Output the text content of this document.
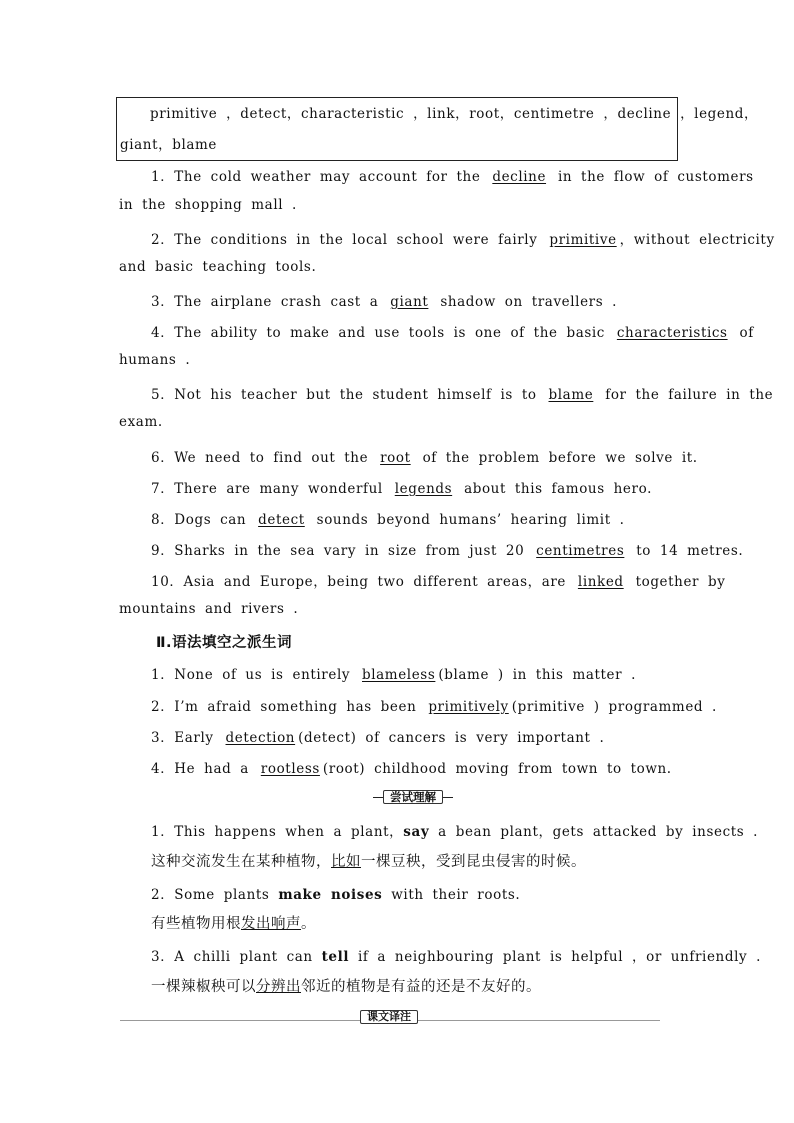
primitive ，detect，characteristic ，link，root，centimetre ，decline ，legend，
giant，blame
1．The cold weather may account for the decline in the flow of customers
in the shopping mall .
2．The conditions in the local school were fairly primitive ，without electricity
and basic teaching tools.
3．The airplane crash cast a giant shadow on travellers .
4．The ability to make and use tools is one of the basic characteristics of
humans .
5．Not his teacher but the student himself is to blame for the failure in the
exam.
6．We need to find out the root of the problem before we solve it.
7．There are many wonderful legends about this famous hero.
8．Dogs can detect sounds beyond humans’ hearing limit .
9．Sharks in the sea vary in size from just 20 centimetres to 14 metres.
10．Asia and Europe，being two different areas，are linked together by
mountains and rivers .
Ⅱ.语法填空之派生词
1．None of us is entirely blameless (blame ) in this matter .
2．I’m afraid something has been primitively (primitive ) programmed .
3．Early detection (detect) of cancers is very important .
4．He had a rootless (root) childhood moving from town to town.
尝试理解
1．This happens when a plant，say a bean plant，gets attacked by insects .
这种交流发生在某种植物，比如一棵豆秧，受到昆虫侵害的时候。
2．Some plants make noises with their roots.
有些植物用根发出响声。
3．A chilli plant can tell if a neighbouring plant is helpful ，or unfriendly .
一棵辣椒秧可以分辨出邻近的植物是有益的还是不友好的。
课文译注
